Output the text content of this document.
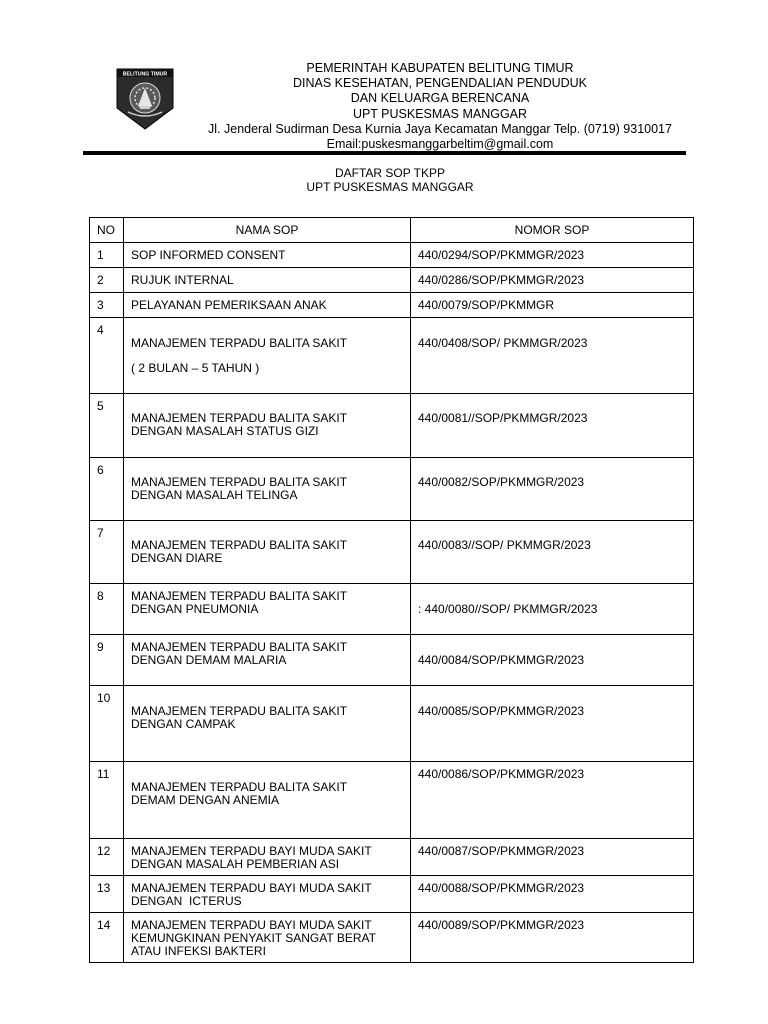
BELITUNG TIMUR	PEMERINTAH KABUPATEN BELITUNG TIMUR
DINAS KESEHATAN, PENGENDALIAN PENDUDUK
DAN KELUARGA BERENCANA
UPT PUSKESMAS MANGGAR
Jl. Jenderal Sudirman Desa Kurnia Jaya Kecamatan Manggar Telp. (0719) 9310017
Email:puskesmanggarbeltim@gmail.com
DAFTAR SOP TKPP
UPT PUSKESMAS MANGGAR
NO	NAMA SOP	NOMOR SOP
1	SOP INFORMED CONSENT	440/0294/SOP/PKMMGR/2023
2	RUJUK INTERNAL	440/0286/SOP/PKMMGR/2023
3	PELAYANAN PEMERIKSAAN ANAK	440/0079/SOP/PKMMGR
4	MANAJEMEN TERPADU BALITA SAKIT
( 2 BULAN – 5 TAHUN )	440/0408/SOP/ PKMMGR/2023
5	MANAJEMEN TERPADU BALITA SAKIT
DENGAN MASALAH STATUS GIZI	440/0081//SOP/PKMMGR/2023
6	MANAJEMEN TERPADU BALITA SAKIT
DENGAN MASALAH TELINGA	440/0082/SOP/PKMMGR/2023
7	MANAJEMEN TERPADU BALITA SAKIT
DENGAN DIARE	440/0083//SOP/ PKMMGR/2023
8	MANAJEMEN TERPADU BALITA SAKIT
DENGAN PNEUMONIA	: 440/0080//SOP/ PKMMGR/2023
9	MANAJEMEN TERPADU BALITA SAKIT
DENGAN DEMAM MALARIA	440/0084/SOP/PKMMGR/2023
10	MANAJEMEN TERPADU BALITA SAKIT
DENGAN CAMPAK	440/0085/SOP/PKMMGR/2023
11	MANAJEMEN TERPADU BALITA SAKIT
DEMAM DENGAN ANEMIA	440/0086/SOP/PKMMGR/2023
12	MANAJEMEN TERPADU BAYI MUDA SAKIT
DENGAN MASALAH PEMBERIAN ASI	440/0087/SOP/PKMMGR/2023
13	MANAJEMEN TERPADU BAYI MUDA SAKIT
DENGAN  ICTERUS	440/0088/SOP/PKMMGR/2023
14	MANAJEMEN TERPADU BAYI MUDA SAKIT
KEMUNGKINAN PENYAKIT SANGAT BERAT
ATAU INFEKSI BAKTERI	440/0089/SOP/PKMMGR/2023
